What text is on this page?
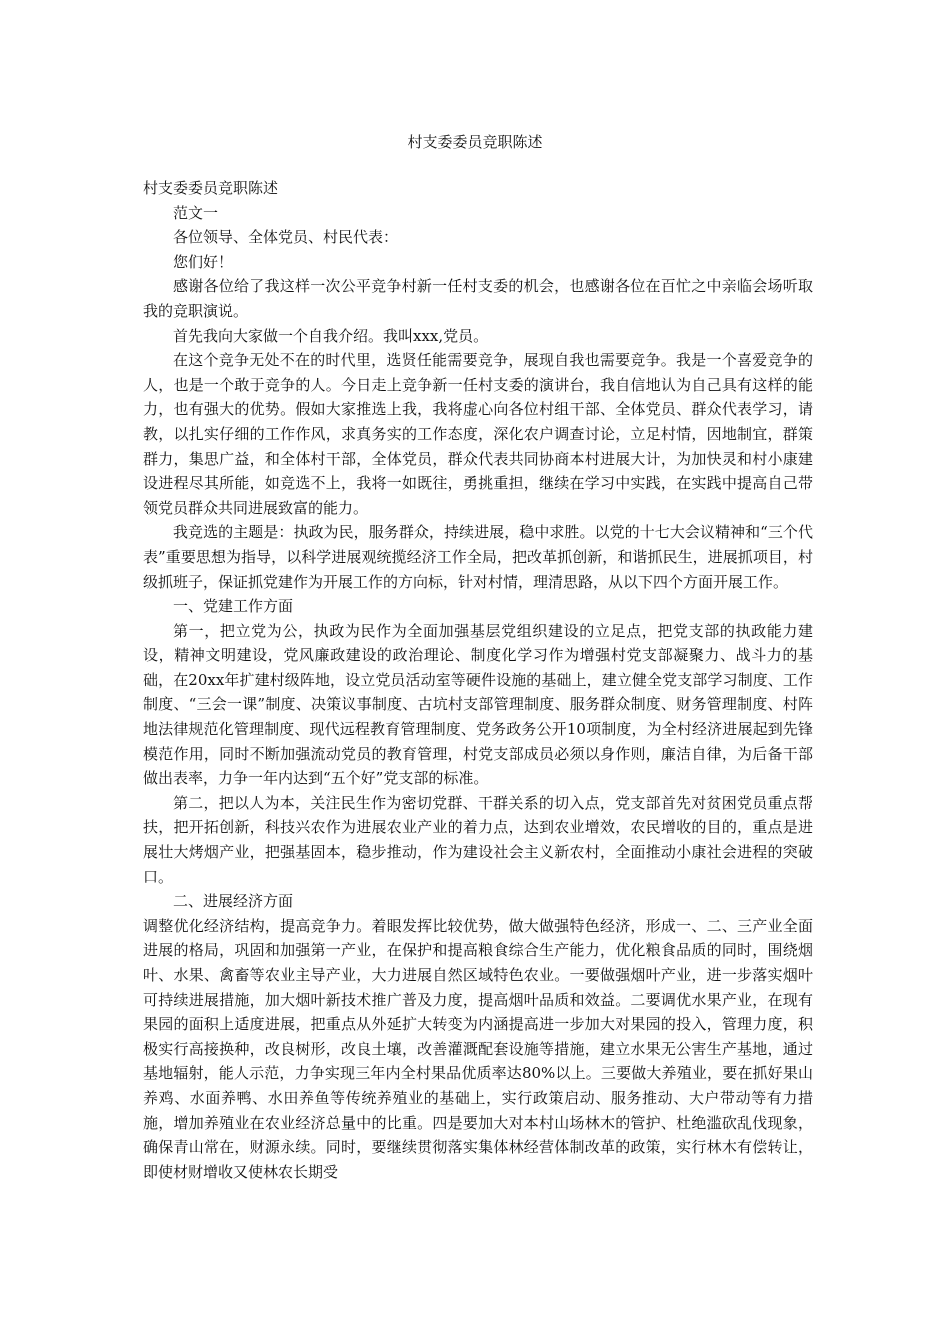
村支委委员竞职陈述

村支委委员竞职陈述

范文一

各位领导、全体党员、村民代表：

您们好！

感谢各位给了我这样一次公平竞争村新一任村支委的机会，也感谢各位在百忙之中亲临会场听取我的竞职演说。

首先我向大家做一个自我介绍。我叫xxx,党员。

在这个竞争无处不在的时代里，选贤任能需要竞争，展现自我也需要竞争。我是一个喜爱竞争的人，也是一个敢于竞争的人。今日走上竞争新一任村支委的演讲台，我自信地认为自己具有这样的能力，也有强大的优势。假如大家推选上我，我将虚心向各位村组干部、全体党员、群众代表学习，请教，以扎实仔细的工作作风，求真务实的工作态度，深化农户调查讨论，立足村情，因地制宜，群策群力，集思广益，和全体村干部，全体党员，群众代表共同协商本村进展大计，为加快灵和村小康建设进程尽其所能，如竞选不上，我将一如既往，勇挑重担，继续在学习中实践，在实践中提高自己带领党员群众共同进展致富的能力。

我竞选的主题是：执政为民，服务群众，持续进展，稳中求胜。以党的十七大会议精神和“三个代表”重要思想为指导，以科学进展观统揽经济工作全局，把改革抓创新，和谐抓民生，进展抓项目，村级抓班子，保证抓党建作为开展工作的方向标，针对村情，理清思路，从以下四个方面开展工作。

一、党建工作方面

第一，把立党为公，执政为民作为全面加强基层党组织建设的立足点，把党支部的执政能力建设，精神文明建设，党风廉政建设的政治理论、制度化学习作为增强村党支部凝聚力、战斗力的基础，在20xx年扩建村级阵地，设立党员活动室等硬件设施的基础上，建立健全党支部学习制度、工作制度、“三会一课”制度、决策议事制度、古坑村支部管理制度、服务群众制度、财务管理制度、村阵地法律规范化管理制度、现代远程教育管理制度、党务政务公开10项制度，为全村经济进展起到先锋模范作用，同时不断加强流动党员的教育管理，村党支部成员必须以身作则，廉洁自律，为后备干部做出表率，力争一年内达到“五个好”党支部的标准。

第二，把以人为本，关注民生作为密切党群、干群关系的切入点，党支部首先对贫困党员重点帮扶，把开拓创新，科技兴农作为进展农业产业的着力点，达到农业增效，农民增收的目的，重点是进展壮大烤烟产业，把强基固本，稳步推动，作为建设社会主义新农村，全面推动小康社会进程的突破口。

二、进展经济方面

调整优化经济结构，提高竞争力。着眼发挥比较优势，做大做强特色经济，形成一、二、三产业全面进展的格局，巩固和加强第一产业，在保护和提高粮食综合生产能力，优化粮食品质的同时，围绕烟叶、水果、禽畜等农业主导产业，大力进展自然区域特色农业。一要做强烟叶产业，进一步落实烟叶可持续进展措施，加大烟叶新技术推广普及力度，提高烟叶品质和效益。二要调优水果产业，在现有果园的面积上适度进展，把重点从外延扩大转变为内涵提高进一步加大对果园的投入，管理力度，积极实行高接换种，改良树形，改良土壤，改善灌溉配套设施等措施，建立水果无公害生产基地，通过基地辐射，能人示范，力争实现三年内全村果品优质率达80%以上。三要做大养殖业，要在抓好果山养鸡、水面养鸭、水田养鱼等传统养殖业的基础上，实行政策启动、服务推动、大户带动等有力措施，增加养殖业在农业经济总量中的比重。四是要加大对本村山场林木的管护、杜绝滥砍乱伐现象，确保青山常在，财源永续。同时，要继续贯彻落实集体林经营体制改革的政策，实行林木有偿转让，即使材财增收又使林农长期受
